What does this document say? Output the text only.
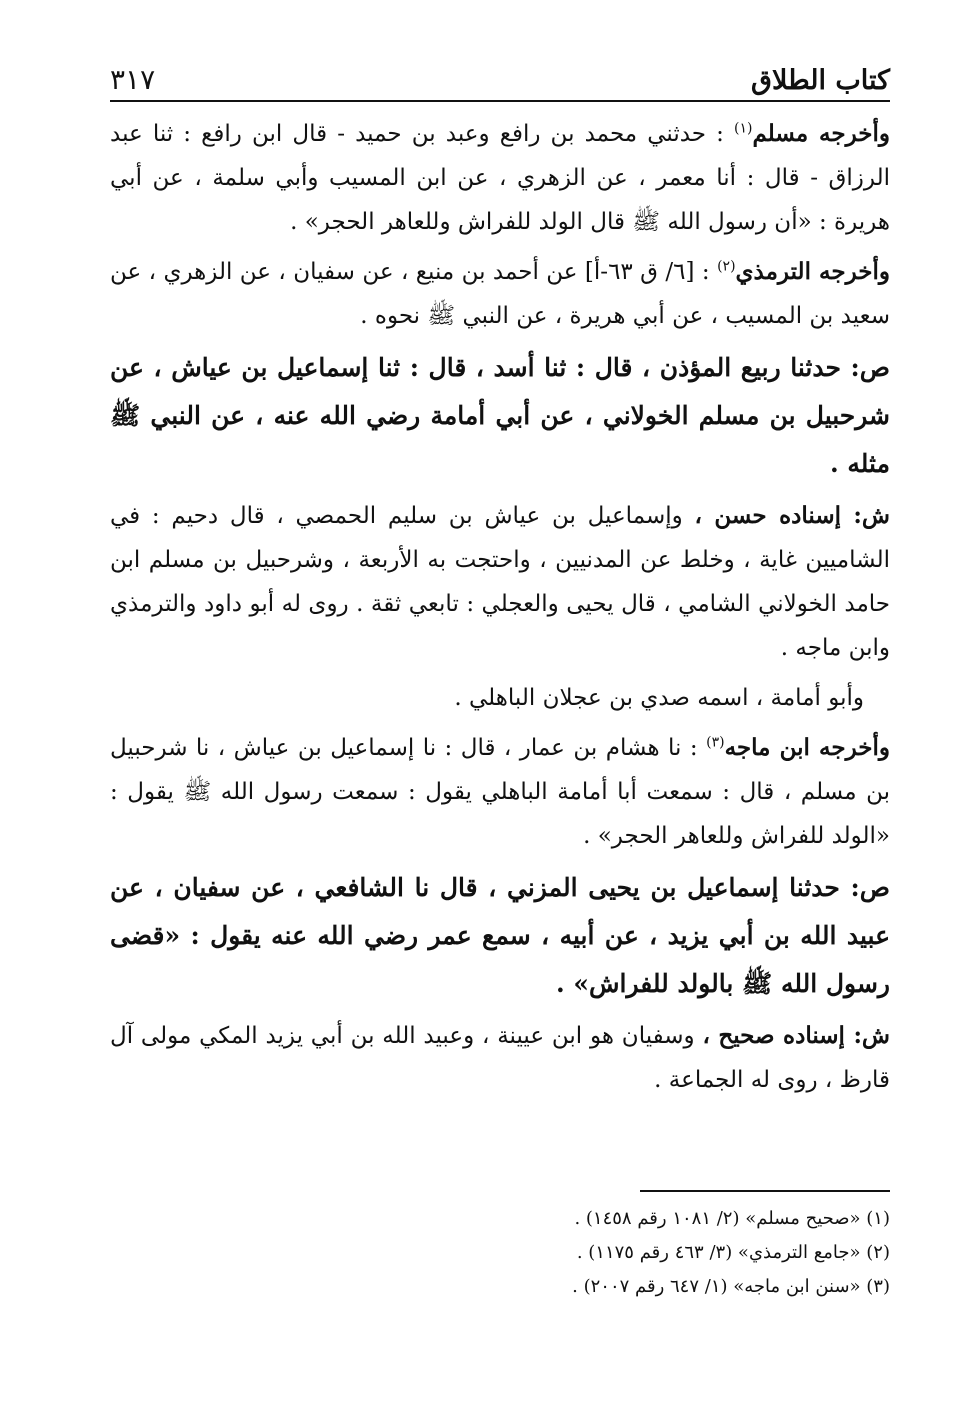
كتاب الطلاق
٣١٧

وأخرجه مسلم$^{(١)}$ : حدثني محمد بن رافع وعبد بن حميد - قال ابن رافع : ثنا عبد الرزاق - قال : أنا معمر ، عن الزهري ، عن ابن المسيب وأبي سلمة ، عن أبي هريرة : «أن رسول الله ﷺ قال الولد للفراش وللعاهر الحجر» .

وأخرجه الترمذي$^{(٢)}$ : [٦/ ق ٦٣-أ] عن أحمد بن منيع ، عن سفيان ، عن الزهري ، عن سعيد بن المسيب ، عن أبي هريرة ، عن النبي ﷺ نحوه .

ص: حدثنا ربيع المؤذن ، قال : ثنا أسد ، قال : ثنا إسماعيل بن عياش ، عن شرحبيل بن مسلم الخولاني ، عن أبي أمامة رضي الله عنه ، عن النبي ﷺ مثله .

ش: إسناده حسن ، وإسماعيل بن عياش بن سليم الحمصي ، قال دحيم : في الشاميين غاية ، وخلط عن المدنيين ، واحتجت به الأربعة ، وشرحبيل بن مسلم ابن حامد الخولاني الشامي ، قال يحيى والعجلي : تابعي ثقة . روى له أبو داود والترمذي وابن ماجه .

وأبو أمامة ، اسمه صدي بن عجلان الباهلي .

وأخرجه ابن ماجه$^{(٣)}$ : نا هشام بن عمار ، قال : نا إسماعيل بن عياش ، نا شرحبيل بن مسلم ، قال : سمعت أبا أمامة الباهلي يقول : سمعت رسول الله ﷺ يقول : «الولد للفراش وللعاهر الحجر» .

ص: حدثنا إسماعيل بن يحيى المزني ، قال نا الشافعي ، عن سفيان ، عن عبيد الله بن أبي يزيد ، عن أبيه ، سمع عمر رضي الله عنه يقول : «قضى رسول الله ﷺ بالولد للفراش» .

ش: إسناده صحيح ، وسفيان هو ابن عيينة ، وعبيد الله بن أبي يزيد المكي مولى آل قارظ ، روى له الجماعة .

(١) «صحيح مسلم» (٢/ ١٠٨١ رقم ١٤٥٨) .
(٢) «جامع الترمذي» (٣/ ٤٦٣ رقم ١١٧٥) .
(٣) «سنن ابن ماجه» (١/ ٦٤٧ رقم ٢٠٠٧) .
